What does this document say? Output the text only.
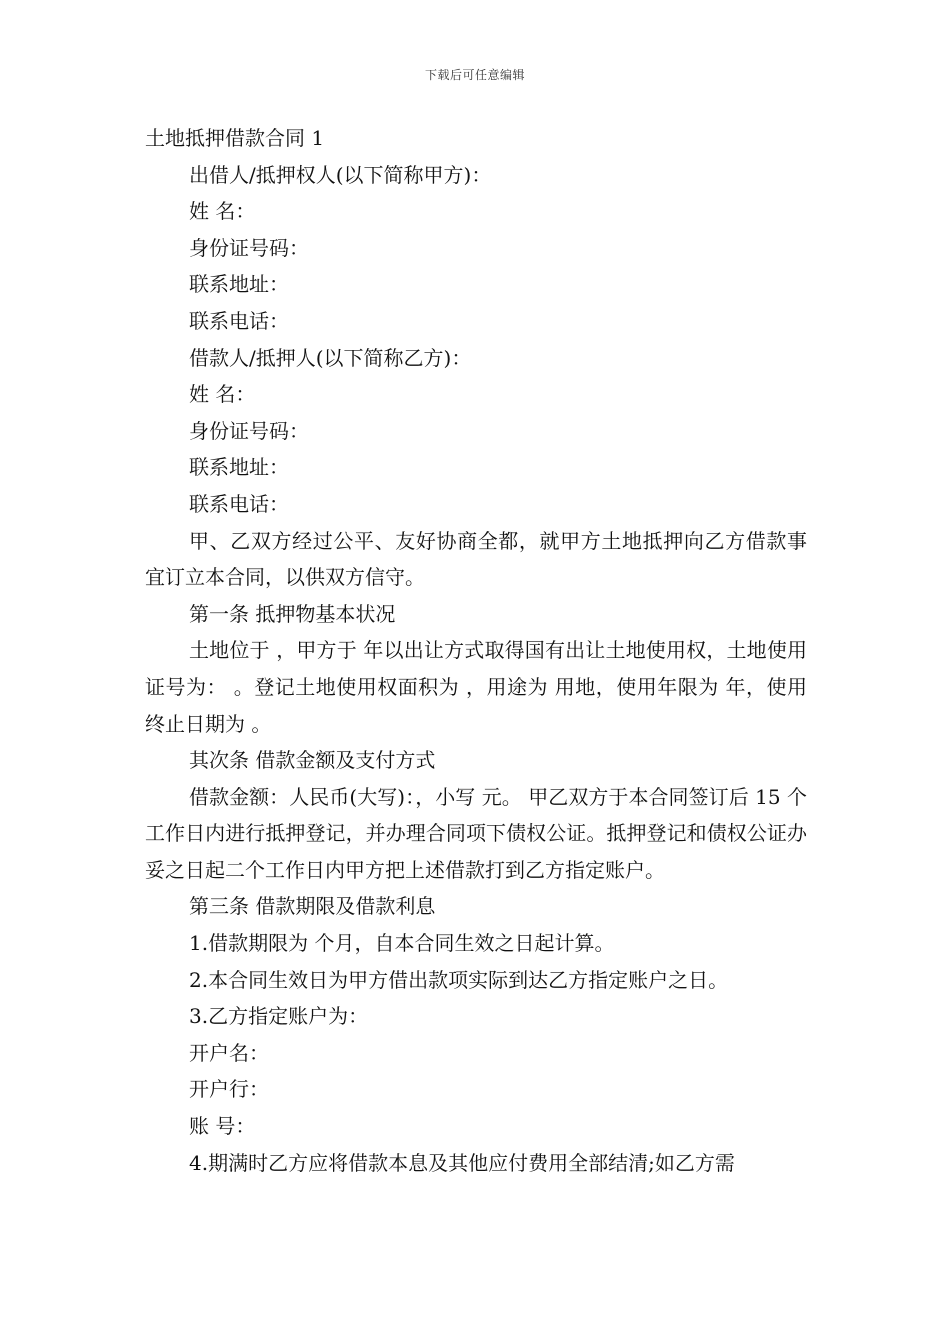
下载后可任意编辑
土地抵押借款合同 1

出借人/抵押权人(以下简称甲方)：

姓 名：

身份证号码：

联系地址：

联系电话：

借款人/抵押人(以下简称乙方)：

姓 名：

身份证号码：

联系地址：

联系电话：

甲、乙双方经过公平、友好协商全都，就甲方土地抵押向乙方借款事宜订立本合同，以供双方信守。

第一条 抵押物基本状况

土地位于 ，甲方于 年以出让方式取得国有出让土地使用权，土地使用证号为： 。登记土地使用权面积为 ，用途为 用地，使用年限为 年，使用终止日期为 。

其次条 借款金额及支付方式

借款金额：人民币(大写)：，小写 元。 甲乙双方于本合同签订后 15 个工作日内进行抵押登记，并办理合同项下债权公证。抵押登记和债权公证办妥之日起二个工作日内甲方把上述借款打到乙方指定账户。

第三条 借款期限及借款利息

1.借款期限为 个月，自本合同生效之日起计算。

2.本合同生效日为甲方借出款项实际到达乙方指定账户之日。

3.乙方指定账户为：

开户名：

开户行：

账 号：

4.期满时乙方应将借款本息及其他应付费用全部结清;如乙方需
